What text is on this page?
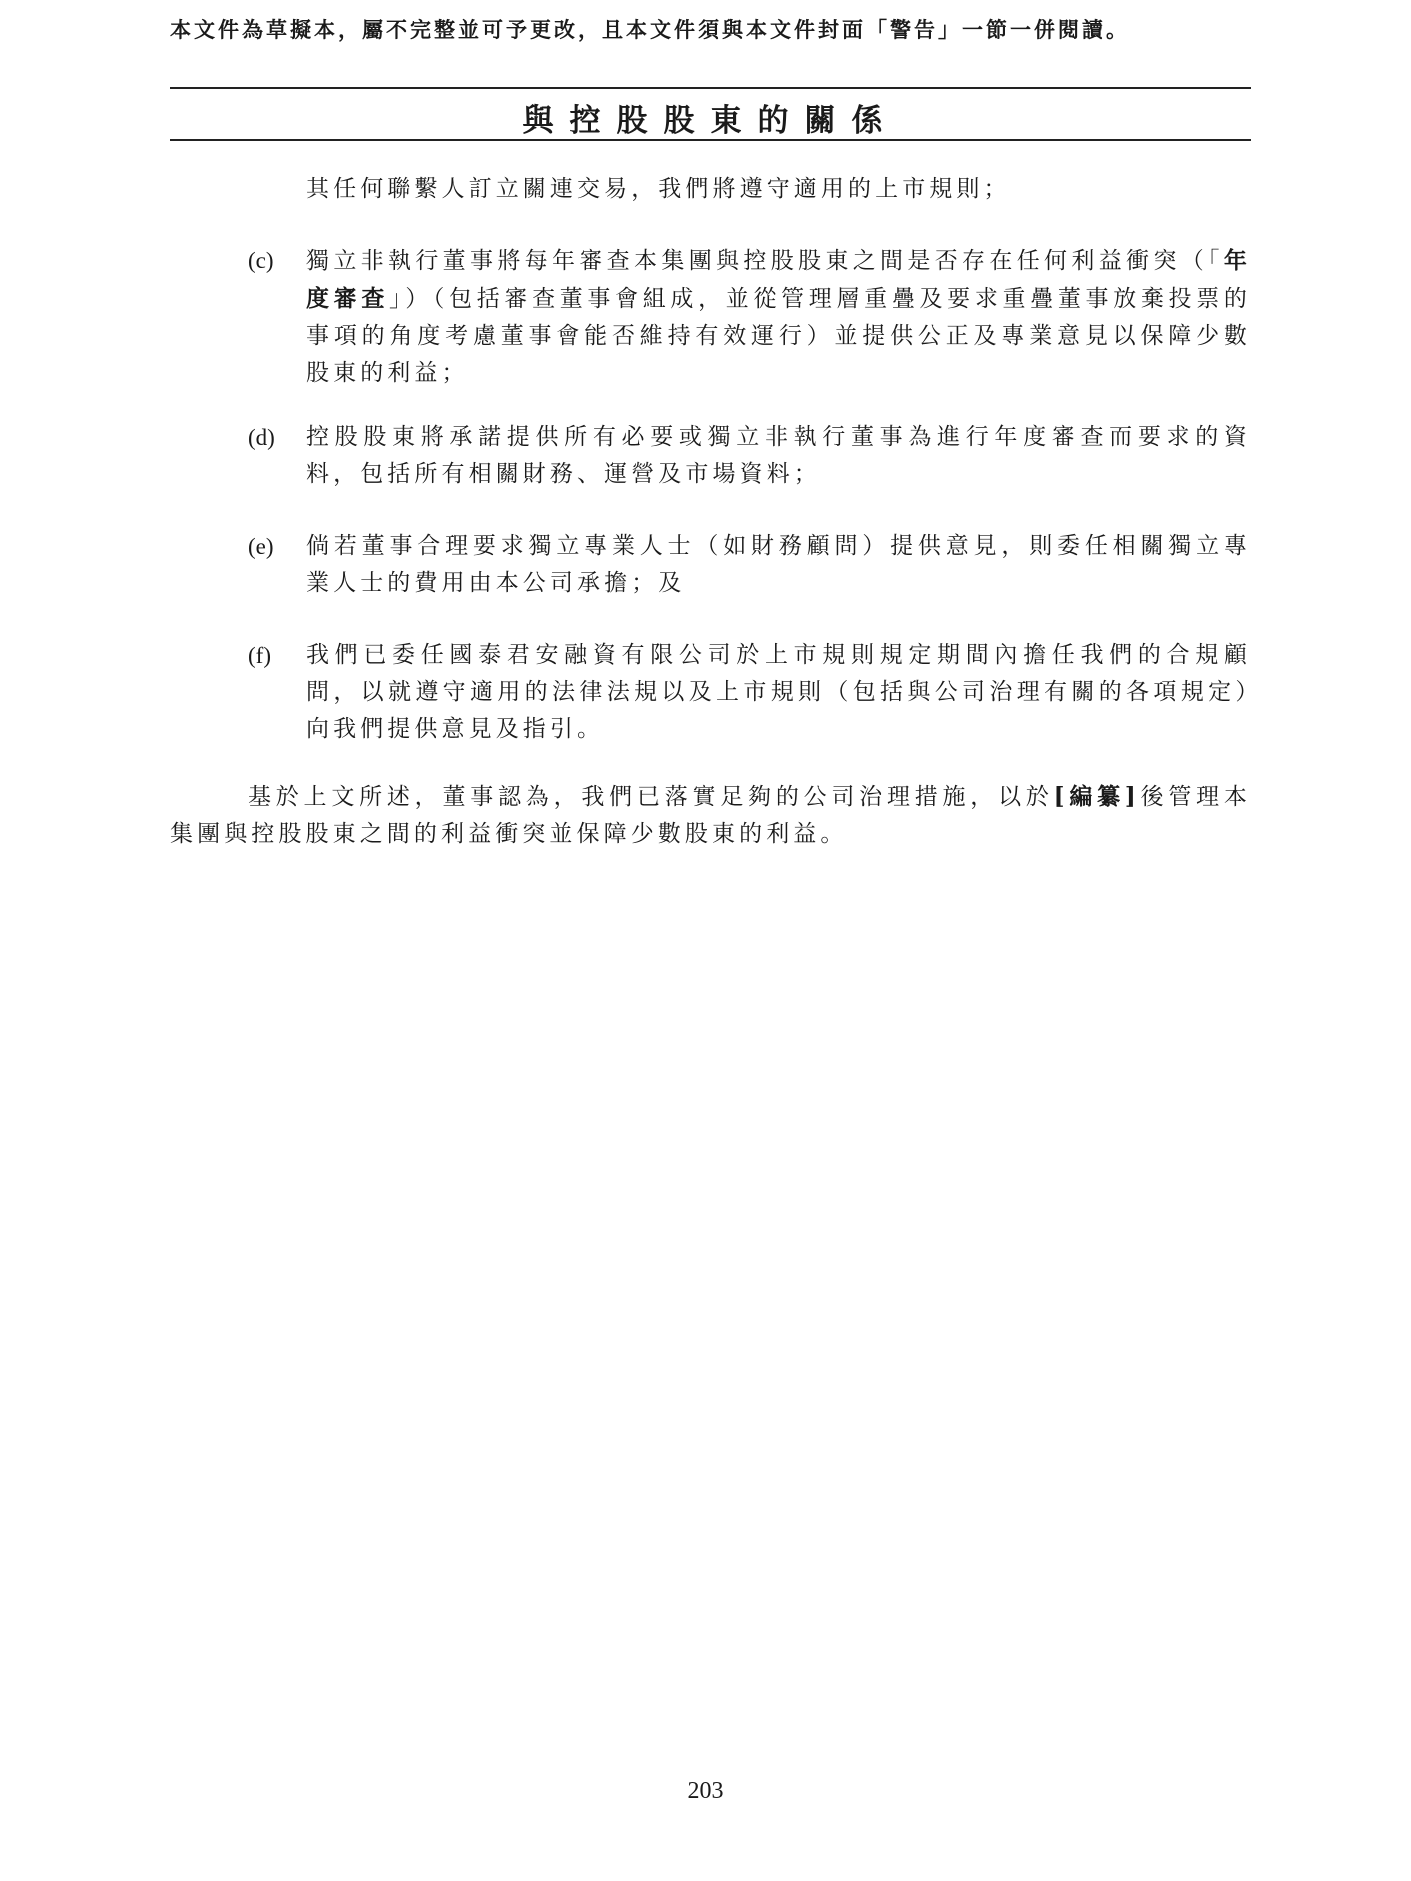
本文件為草擬本，屬不完整並可予更改，且本文件須與本文件封面「警告」一節一併閱讀。
與控股股東的關係
其任何聯繫人訂立關連交易，我們將遵守適用的上市規則；
(c)	獨立非執行董事將每年審查本集團與控股股東之間是否存在任何利益衝突（「年度審查」）（包括審查董事會組成，並從管理層重疊及要求重疊董事放棄投票的事項的角度考慮董事會能否維持有效運行）並提供公正及專業意見以保障少數股東的利益；
(d)	控股股東將承諾提供所有必要或獨立非執行董事為進行年度審查而要求的資料，包括所有相關財務、運營及市場資料；
(e)	倘若董事合理要求獨立專業人士（如財務顧問）提供意見，則委任相關獨立專業人士的費用由本公司承擔；及
(f)	我們已委任國泰君安融資有限公司於上市規則規定期間內擔任我們的合規顧問，以就遵守適用的法律法規以及上市規則（包括與公司治理有關的各項規定）向我們提供意見及指引。
基於上文所述，董事認為，我們已落實足夠的公司治理措施，以於[編纂]後管理本集團與控股股東之間的利益衝突並保障少數股東的利益。
203
